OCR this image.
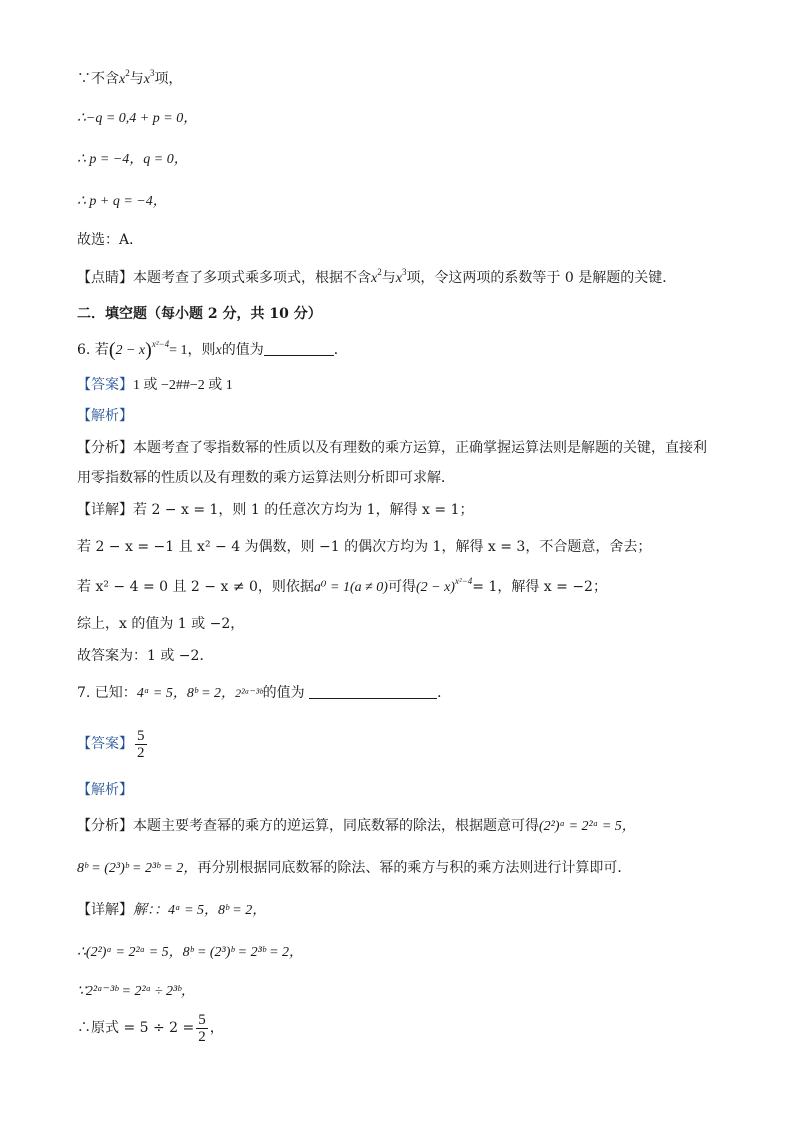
∵不含$x^2$与$x^3$项，
∴−q = 0,4 + p = 0，
∴ p = −4，q = 0，
∴ p + q = −4，
故选：A．
【点睛】本题考查了多项式乘多项式，根据不含$x^2$与$x^3$项，令这两项的系数等于 0 是解题的关键．
二．填空题（每小题 2 分，共 10 分）
6. 若$(2 - x)^{x^2-4}= 1$，则x的值为	．
【答案】1 或 −2##−2 或 1
【解析】
【分析】本题考查了零指数幂的性质以及有理数的乘方运算，正确掌握运算法则是解题的关键，直接利
用零指数幂的性质以及有理数的乘方运算法则分析即可求解．
【详解】若 2 − x = 1，则 1 的任意次方均为 1，解得 x = 1；
若 2 − x = −1 且 x² − 4 为偶数，则 −1 的偶次方均为 1，解得 x = 3，不合题意，舍去；
若 x² − 4 = 0 且 2 − x ≠ 0，则依据a⁰ = 1(a ≠ 0)可得$(2 - x)^{x^2-4}= 1$，解得 x = −2；
综上，x 的值为 1 或 −2，
故答案为：1 或 −2．
7. 已知：4ᵃ = 5，8ᵇ = 2，2²ᵃ⁻³ᵇ的值为	．
【答案】 $\frac{5}{2}$
【解析】
【分析】本题主要考查幂的乘方的逆运算，同底数幂的除法，根据题意可得(2²)ᵃ = 2²ᵃ = 5，
8ᵇ = (2³)ᵇ = 2³ᵇ = 2，再分别根据同底数幂的除法、幂的乘方与积的乘方法则进行计算即可．
【详解】解：：4ᵃ = 5，8ᵇ = 2，
∴(2²)ᵃ = 2²ᵃ = 5，8ᵇ = (2³)ᵇ = 2³ᵇ = 2，
∵2²ᵃ⁻³ᵇ = 2²ᵃ ÷ 2³ᵇ，
∴原式 = $5 \div 2 = \frac{5}{2}$ ，
